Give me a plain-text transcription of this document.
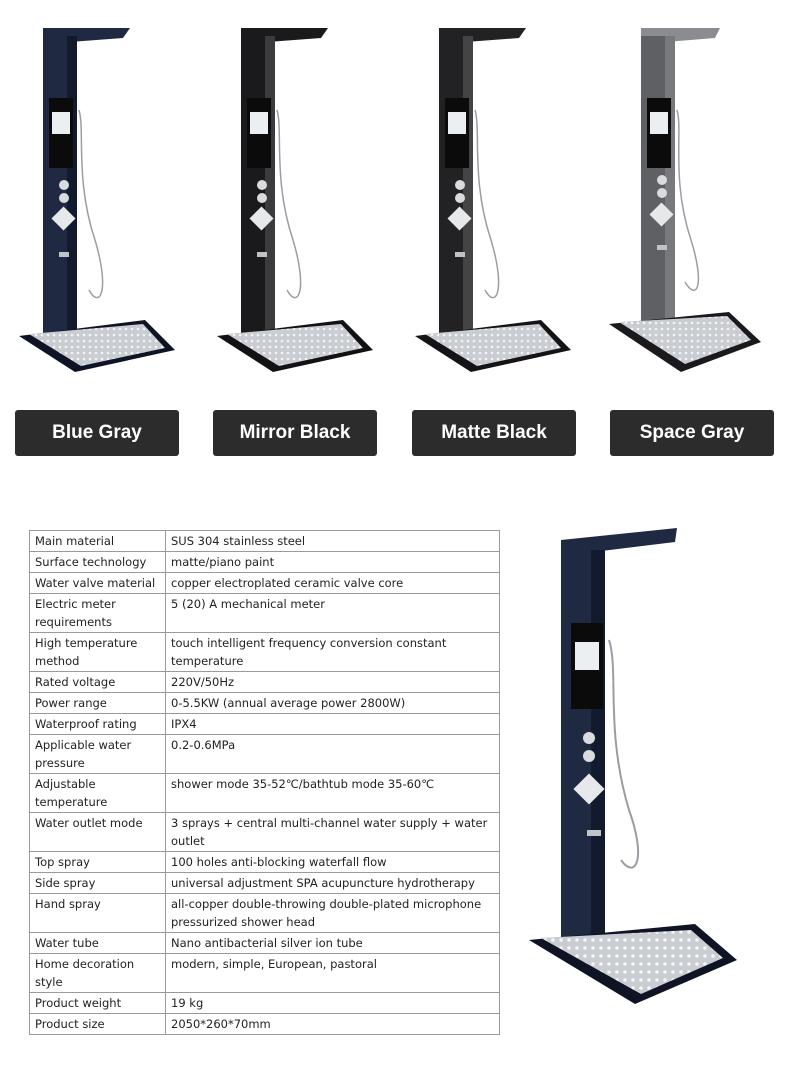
Blue Gray	Mirror Black	Matte Black	Space Gray
Main material	SUS 304 stainless steel
Surface technology	matte/piano paint
Water valve material	copper electroplated ceramic valve core
Electric meter requirements	5 (20) A mechanical meter
High temperature method	touch intelligent frequency conversion constant temperature
Rated voltage	220V/50Hz
Power range	0-5.5KW (annual average power 2800W)
Waterproof rating	IPX4
Applicable water pressure	0.2-0.6MPa
Adjustable temperature	shower mode 35-52℃/bathtub mode 35-60℃
Water outlet mode	3 sprays + central multi-channel water supply + water outlet
Top spray	100 holes anti-blocking waterfall flow
Side spray	universal adjustment SPA acupuncture hydrotherapy
Hand spray	all-copper double-throwing double-plated microphone pressurized shower head
Water tube	Nano antibacterial silver ion tube
Home decoration style	modern, simple, European, pastoral
Product weight	19 kg
Product size	2050*260*70mm
